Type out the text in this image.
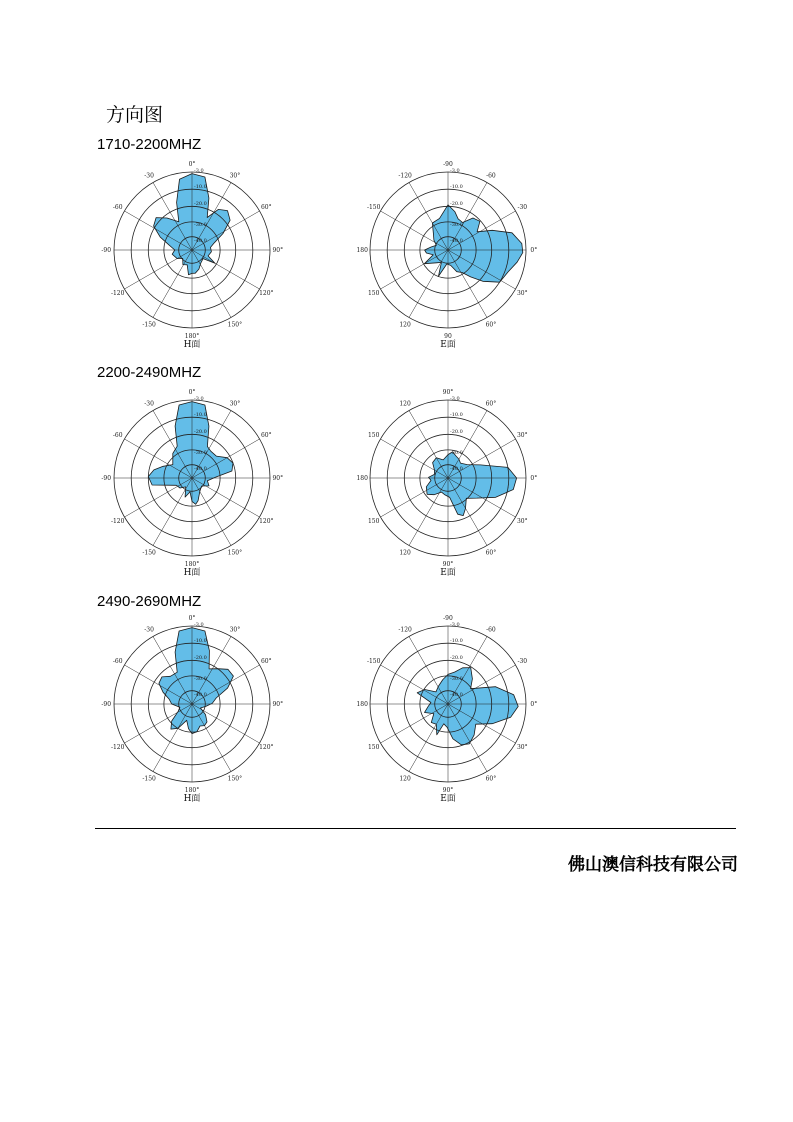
方向图
1710-2200MHZ
0°
30°
60°
90°
120°
150°
180°
-150
-120
-90
-60
-30
-3.0
-10.0
-20.0
-30.0
-40.0
H面
-90
-60
-30
0°
30°
60°
90
120
150
180
-150
-120
-3.0
-10.0
-20.0
-30.0
-40.0
E面
2200-2490MHZ
0°
30°
60°
90°
120°
150°
180°
-150
-120
-90
-60
-30
-3.0
-10.0
-20.0
-30.0
-40.0
H面
90°
60°
30°
0°
30°
60°
90°
120
150
180
150
120
-3.0
-10.0
-20.0
-30.0
-40.0
E面
2490-2690MHZ
0°
30°
60°
90°
120°
150°
180°
-150
-120
-90
-60
-30
-3.0
-10.0
-20.0
-30.0
-40.0
H面
-90
-60
-30
0°
30°
60°
90°
120
150
180
-150
-120
-3.0
-10.0
-20.0
-30.0
-40.0
E面
佛山澳信科技有限公司
